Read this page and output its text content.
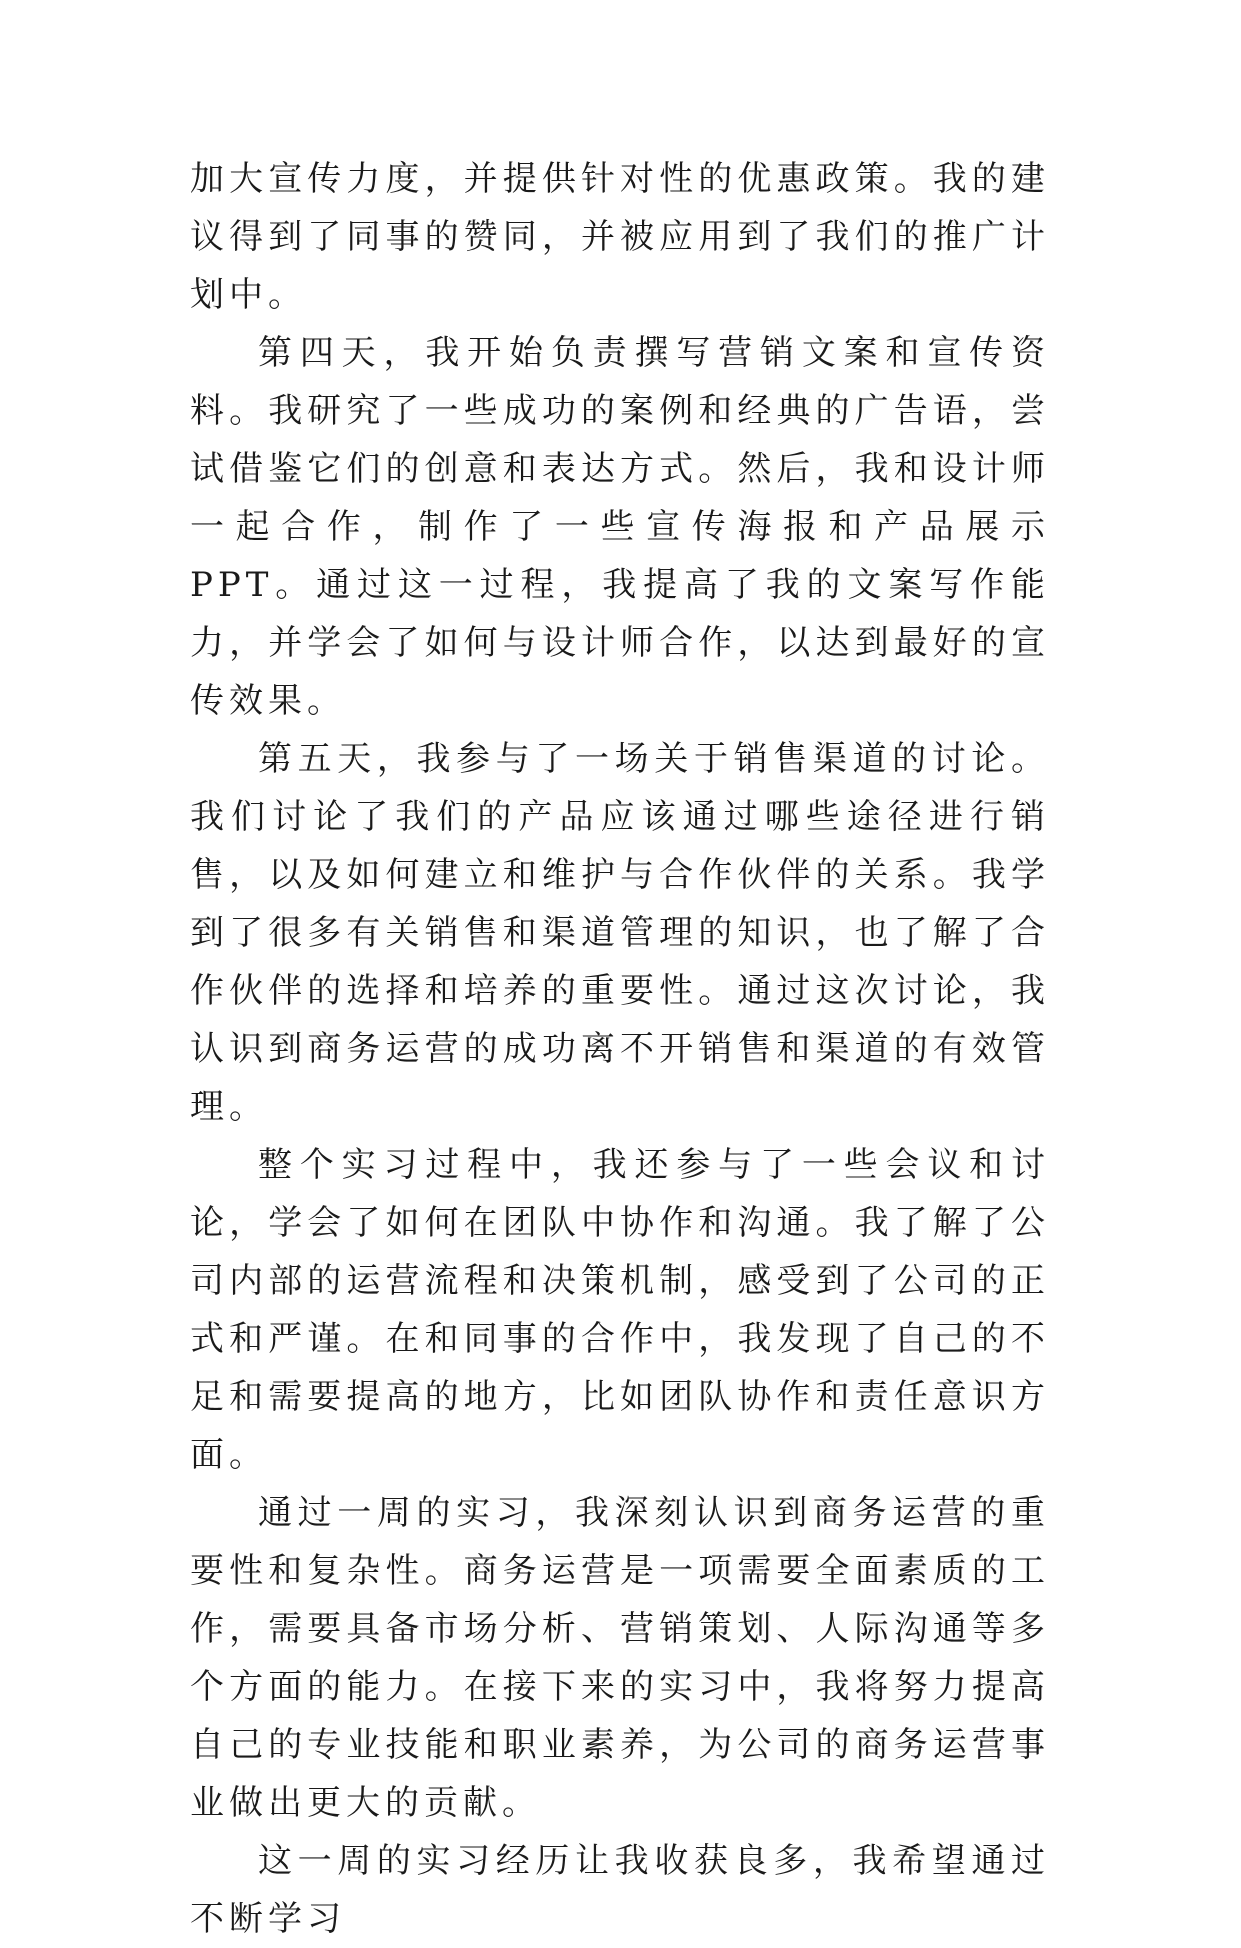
加大宣传力度，并提供针对性的优惠政策。我的建议得到了同事的赞同，并被应用到了我们的推广计划中。

第四天，我开始负责撰写营销文案和宣传资料。我研究了一些成功的案例和经典的广告语，尝试借鉴它们的创意和表达方式。然后，我和设计师一起合作，制作了一些宣传海报和产品展示PPT。通过这一过程，我提高了我的文案写作能力，并学会了如何与设计师合作，以达到最好的宣传效果。

第五天，我参与了一场关于销售渠道的讨论。我们讨论了我们的产品应该通过哪些途径进行销售，以及如何建立和维护与合作伙伴的关系。我学到了很多有关销售和渠道管理的知识，也了解了合作伙伴的选择和培养的重要性。通过这次讨论，我认识到商务运营的成功离不开销售和渠道的有效管理。

整个实习过程中，我还参与了一些会议和讨论，学会了如何在团队中协作和沟通。我了解了公司内部的运营流程和决策机制，感受到了公司的正式和严谨。在和同事的合作中，我发现了自己的不足和需要提高的地方，比如团队协作和责任意识方面。

通过一周的实习，我深刻认识到商务运营的重要性和复杂性。商务运营是一项需要全面素质的工作，需要具备市场分析、营销策划、人际沟通等多个方面的能力。在接下来的实习中，我将努力提高自己的专业技能和职业素养，为公司的商务运营事业做出更大的贡献。

这一周的实习经历让我收获良多，我希望通过不断学习
